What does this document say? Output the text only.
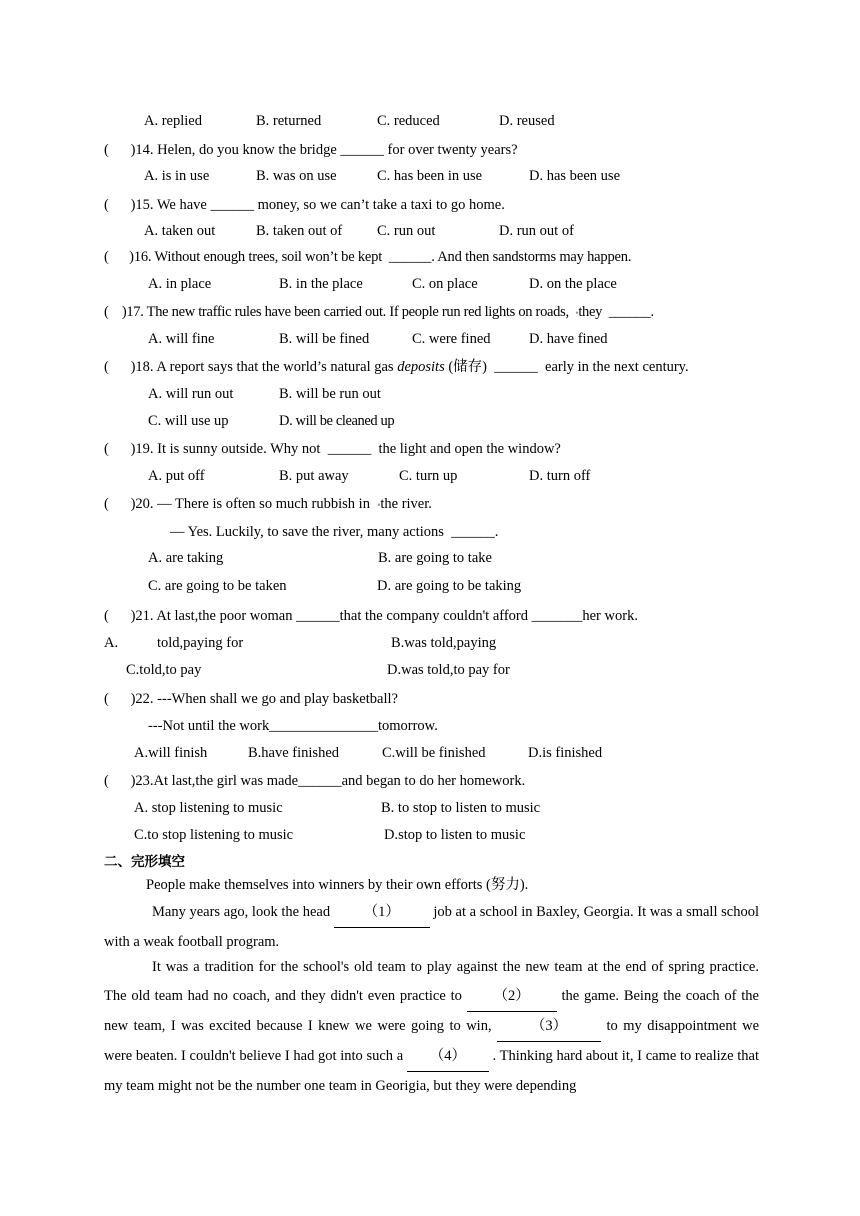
A. replied	B. returned	C. reduced	D. reused
(      )14. Helen, do you know the bridge ______ for over twenty years?
A. is in use	B. was on use	C. has been in use	D. has been use
(      )15. We have ______ money, so we can’t take a taxi to go home.
A. taken out	B. taken out of C. run out	D. run out of
(      )16. Without enough trees, soil won’t be kept  ______. And then sandstorms may happen.
A. in place	B. in the place	C. on place	D. on the place
(    )17. The new traffic rules have been carried out. If people run red lights on roads,  •they  ______.
A. will fine	B. will be fined	C. were fined	D. have fined
(      )18. A report says that the world’s natural gas deposits (储存)  ______  early in the next century.
A. will run out	B. will be run out
C. will use up	D. will be cleaned up
(      )19. It is sunny outside. Why not  ______  the light and open the window?
A. put off	B. put away	C. turn up	D. turn off
(      )20. — There is often so much rubbish in  •the river.
— Yes. Luckily, to save the river, many actions  ______.
A. are taking	B. are going to take
C. are going to be taken	D. are going to be taking
(      )21. At last,the poor woman ______that the company couldn't afford _______her work.
A.	told,paying for	B.was told,paying
C.told,to pay	D.was told,to pay for
(      )22. ---When shall we go and play basketball?
---Not until the work_______________tomorrow.
A.will finish	B.have finished	C.will be finished	D.is finished
(      )23.At last,the girl was made______and began to do her homework.
A. stop listening to music	B. to stop to listen to music
C.to stop listening to music	D.stop to listen to music
二、完形填空
People make themselves into winners by their own efforts (努力).
Many years ago, look the head （1） job at a school in Baxley, Georgia. It was a small school with a weak football program.
It was a tradition for the school's old team to play against the new team at the end of spring practice. The old team had no coach, and they didn't even practice to （2） the game. Being the coach of the new team, I was excited because I knew we were going to win, （3） to my disappointment we were beaten. I couldn't believe I had got into such a （4） . Thinking hard about it, I came to realize that my team might not be the number one team in Georigia, but they were depending
